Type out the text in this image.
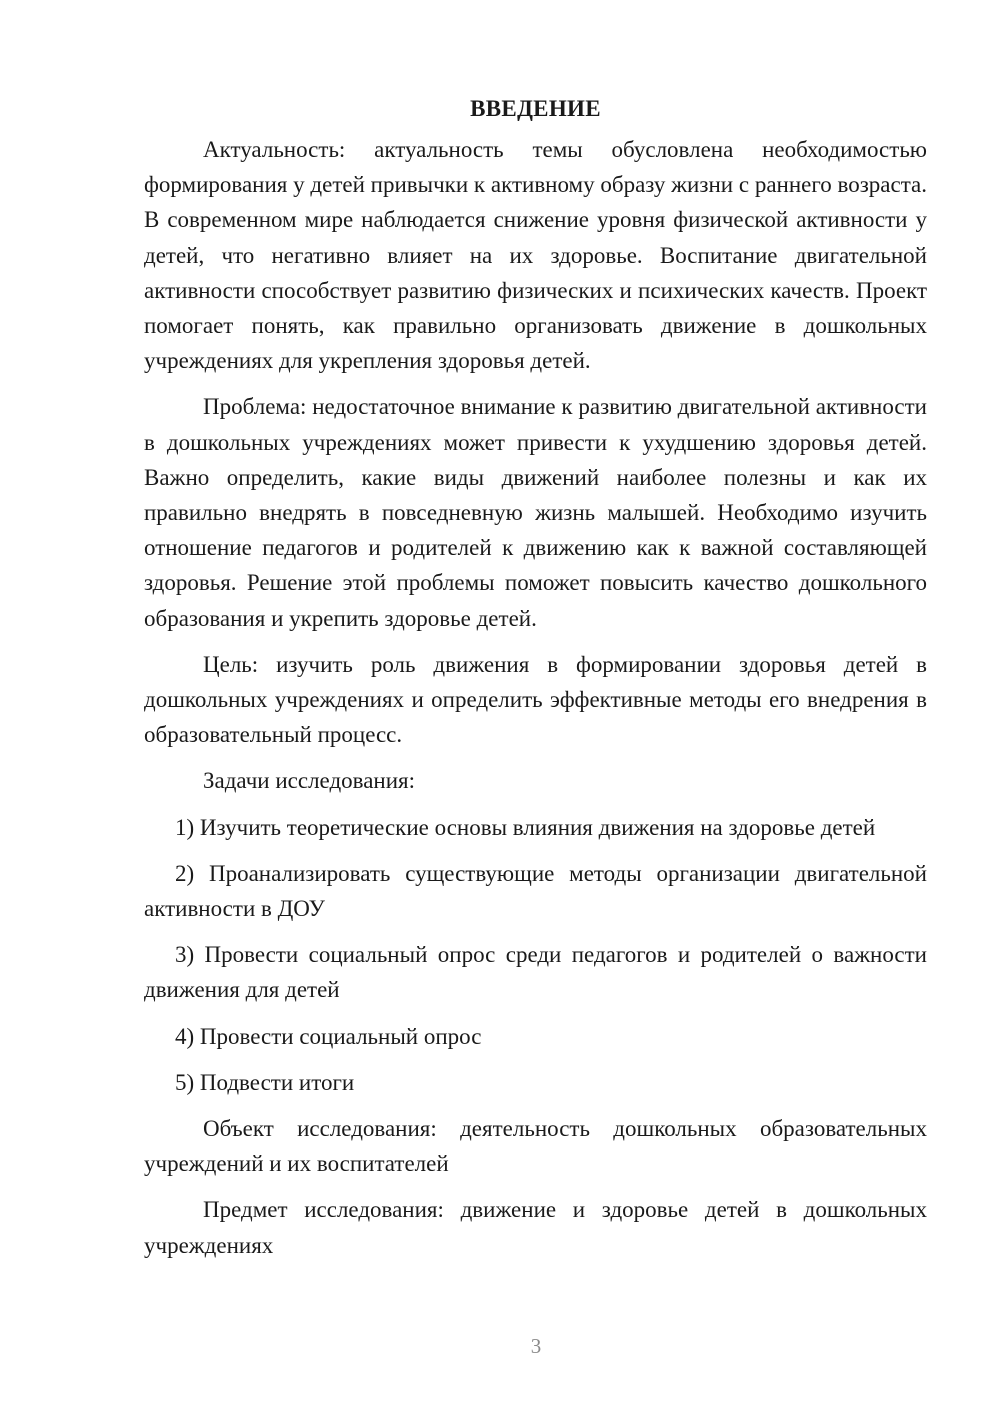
ВВЕДЕНИЕ

Актуальность: актуальность темы обусловлена необходимостью формирования у детей привычки к активному образу жизни с раннего возраста. В современном мире наблюдается снижение уровня физической активности у детей, что негативно влияет на их здоровье. Воспитание двигательной активности способствует развитию физических и психических качеств. Проект помогает понять, как правильно организовать движение в дошкольных учреждениях для укрепления здоровья детей.

Проблема: недостаточное внимание к развитию двигательной активности в дошкольных учреждениях может привести к ухудшению здоровья детей. Важно определить, какие виды движений наиболее полезны и как их правильно внедрять в повседневную жизнь малышей. Необходимо изучить отношение педагогов и родителей к движению как к важной составляющей здоровья. Решение этой проблемы поможет повысить качество дошкольного образования и укрепить здоровье детей.

Цель: изучить роль движения в формировании здоровья детей в дошкольных учреждениях и определить эффективные методы его внедрения в образовательный процесс.

Задачи исследования:

1) Изучить теоретические основы влияния движения на здоровье детей

2) Проанализировать существующие методы организации двигательной активности в ДОУ

3) Провести социальный опрос среди педагогов и родителей о важности движения для детей

4) Провести социальный опрос

5) Подвести итоги

Объект исследования: деятельность дошкольных образовательных учреждений и их воспитателей

Предмет исследования: движение и здоровье детей в дошкольных учреждениях

3
